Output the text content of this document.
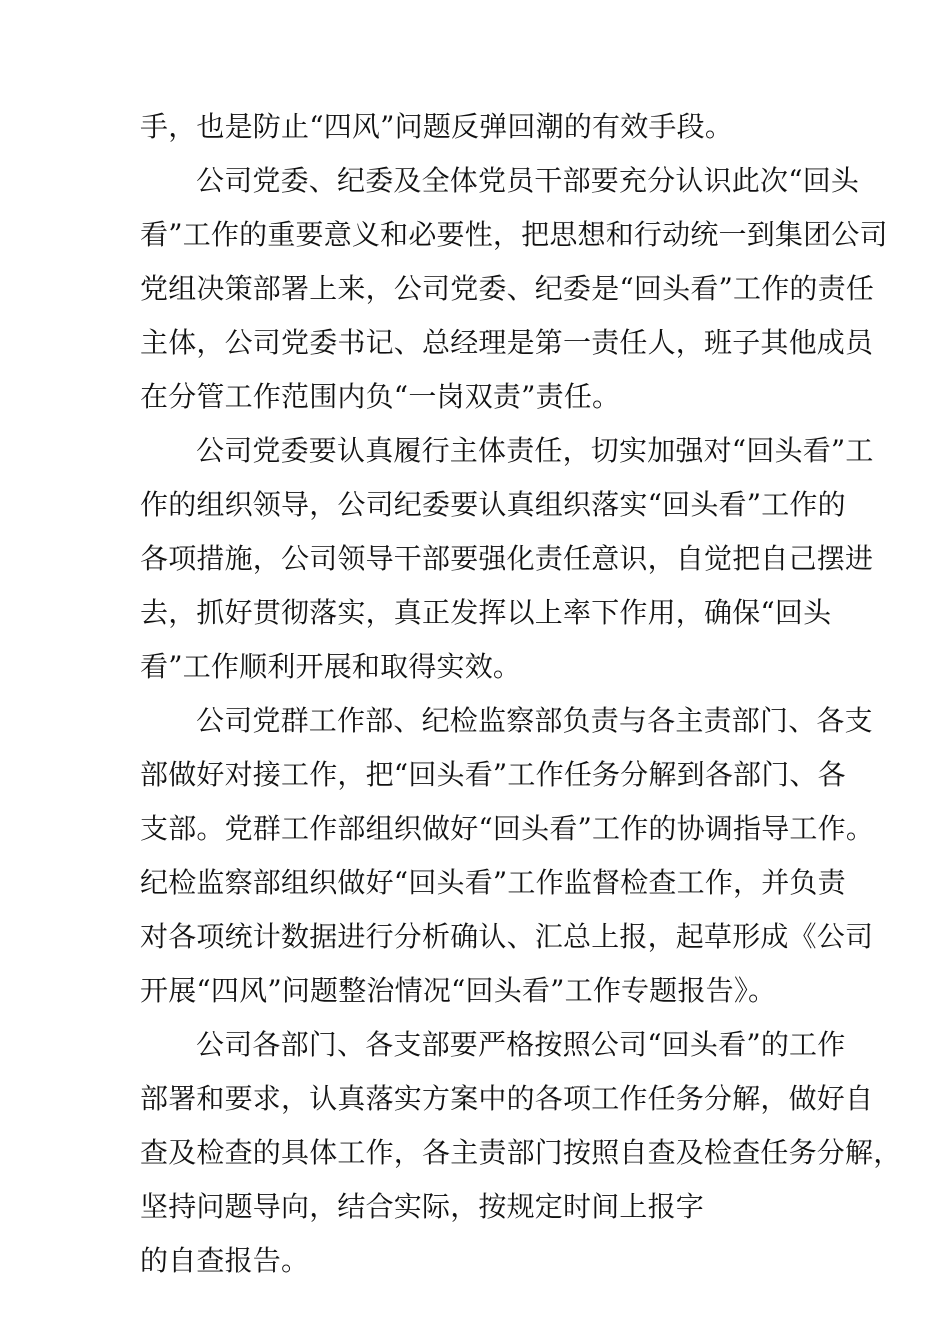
手，也是防止“四风”问题反弹回潮的有效手段。
公司党委、纪委及全体党员干部要充分认识此次“回头
看”工作的重要意义和必要性，把思想和行动统一到集团公司
党组决策部署上来，公司党委、纪委是“回头看”工作的责任
主体，公司党委书记、总经理是第一责任人，班子其他成员
在分管工作范围内负“一岗双责”责任。
公司党委要认真履行主体责任，切实加强对“回头看”工
作的组织领导，公司纪委要认真组织落实“回头看”工作的
各项措施，公司领导干部要强化责任意识，自觉把自己摆进
去，抓好贯彻落实，真正发挥以上率下作用，确保“回头
看”工作顺利开展和取得实效。
公司党群工作部、纪检监察部负责与各主责部门、各支
部做好对接工作，把“回头看”工作任务分解到各部门、各
支部。党群工作部组织做好“回头看”工作的协调指导工作。
纪检监察部组织做好“回头看”工作监督检查工作，并负责
对各项统计数据进行分析确认、汇总上报，起草形成《公司
开展“四风”问题整治情况“回头看”工作专题报告》。
公司各部门、各支部要严格按照公司“回头看”的工作
部署和要求，认真落实方案中的各项工作任务分解，做好自
查及检查的具体工作，各主责部门按照自查及检查任务分解，
坚持问题导向，结合实际，按规定时间上报字
的自查报告。
